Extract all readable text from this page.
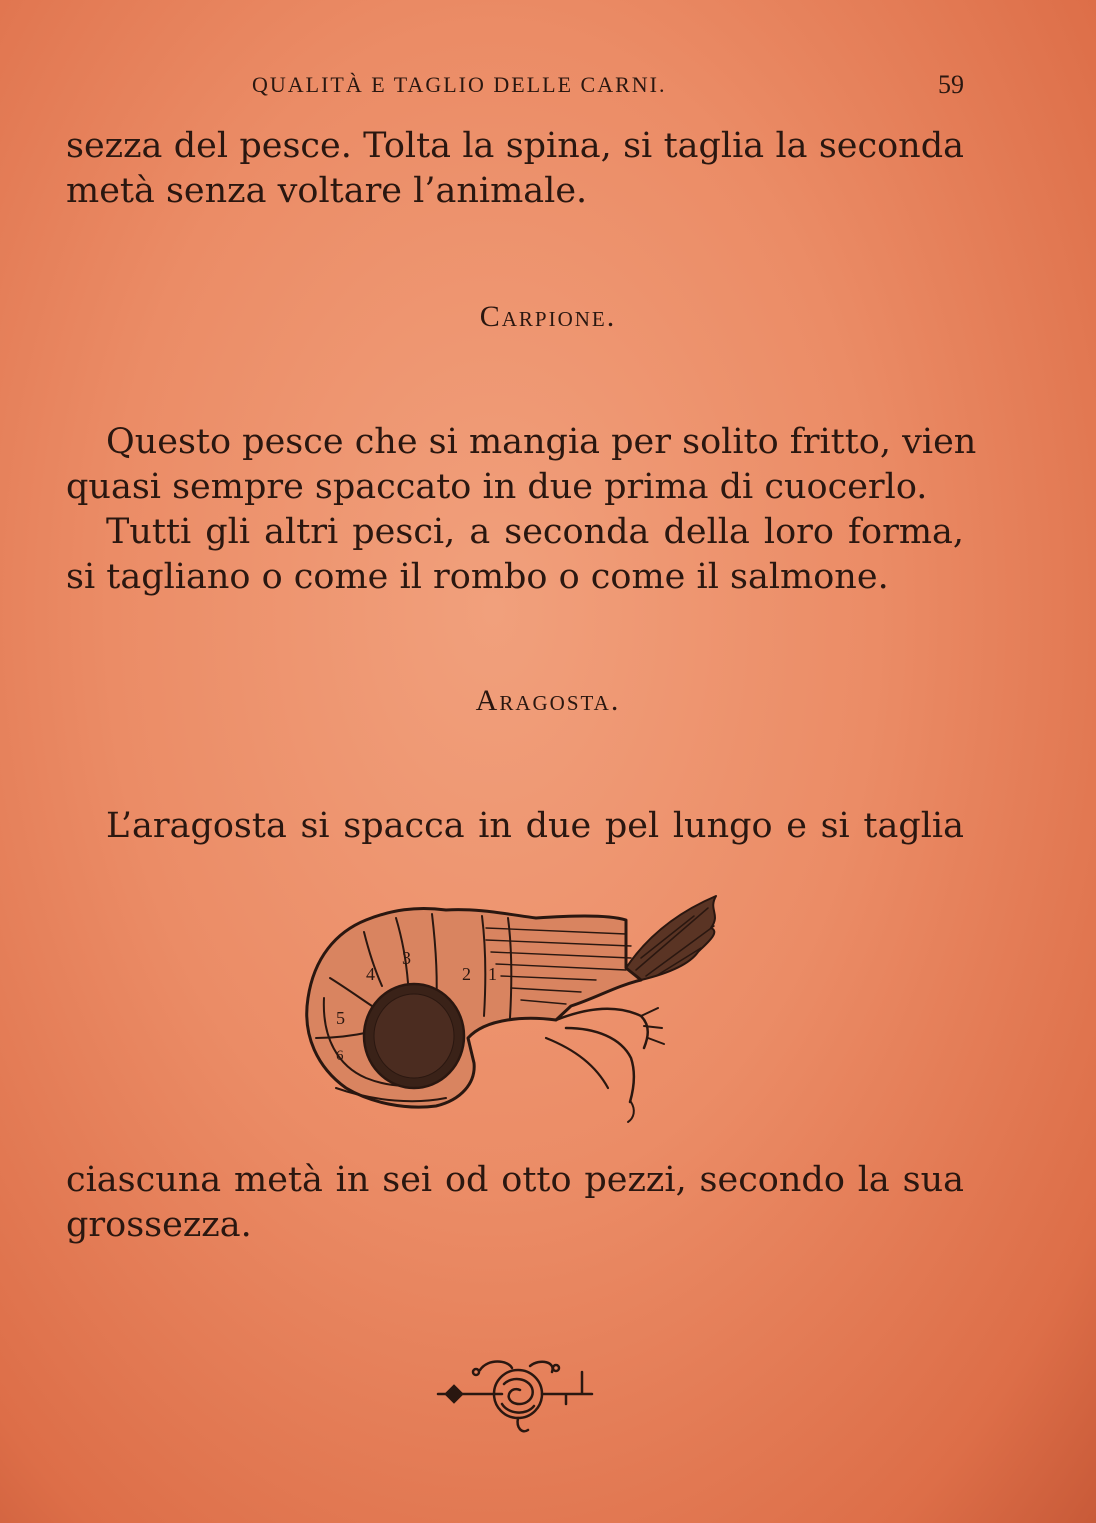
QUALITÀ E TAGLIO DELLE CARNI.	59
sezza del pesce. Tolta la spina, si taglia la seconda
metà senza voltare l’animale.
Carpione.
Questo pesce che si mangia per solito fritto, vien
quasi sempre spaccato in due prima di cuocerlo.
Tutti gli altri pesci, a seconda della loro forma,
si tagliano o come il rombo o come il salmone.
Aragosta.
L’aragosta si spacca in due pel lungo e si taglia
1
2
3
4
5
6
ciascuna metà in sei od otto pezzi, secondo la sua
grossezza.
